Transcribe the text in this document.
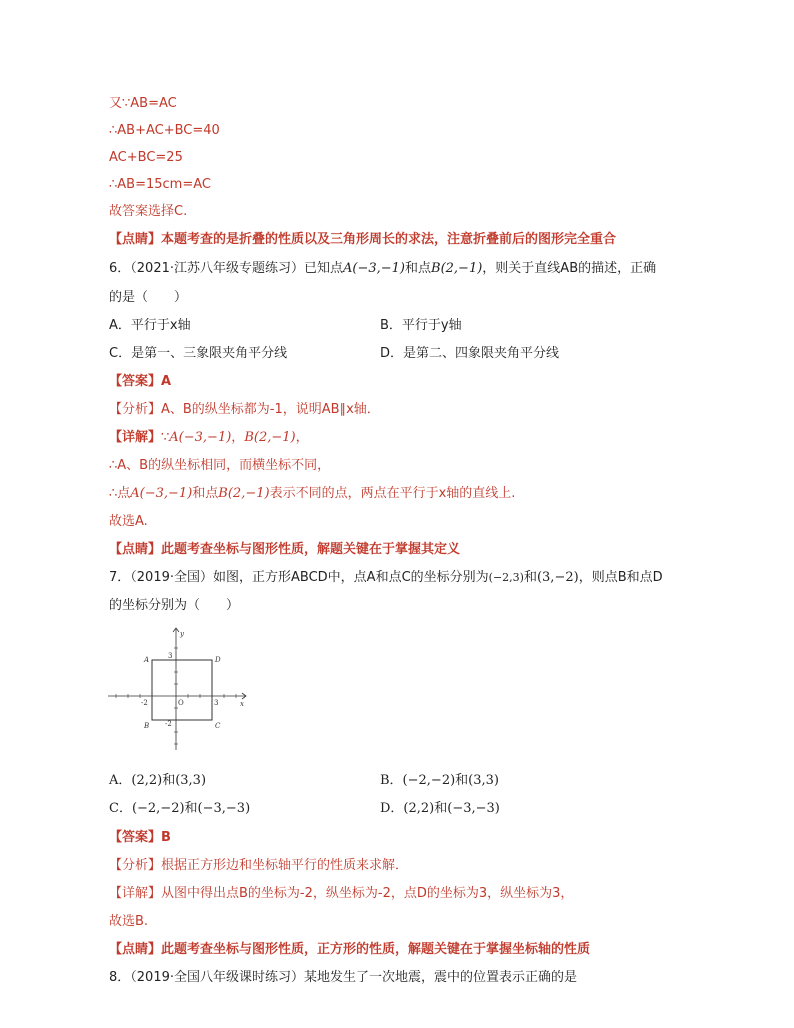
又∵AB=AC
∴AB+AC+BC=40
AC+BC=25
∴AB=15cm=AC
故答案选择C.
【点睛】本题考查的是折叠的性质以及三角形周长的求法，注意折叠前后的图形完全重合
6．（2021·江苏八年级专题练习）已知点A(−3,−1)和点B(2,−1)，则关于直线AB的描述，正确
的是（　　）
A．平行于x轴	B．平行于y轴
C．是第一、三象限夹角平分线	D．是第二、四象限夹角平分线
【答案】A
【分析】A、B的纵坐标都为-1，说明AB∥x轴．
【详解】∵A(−3,−1)，B(2,−1)，
∴A、B的纵坐标相同，而横坐标不同，
∴点A(−3,−1)和点B(2,−1)表示不同的点，两点在平行于x轴的直线上.
故选A.
【点睛】此题考查坐标与图形性质，解题关键在于掌握其定义
7．（2019·全国）如图，正方形ABCD中，点A和点C的坐标分别为(−2,3)和(3,−2)，则点B和点D
的坐标分别为（　　）
y
x
A	D
B	C
3
-2
-2	3
O
A．(2,2)和(3,3)	B．(−2,−2)和(3,3)
C．(−2,−2)和(−3,−3)	D．(2,2)和(−3,−3)
【答案】B
【分析】根据正方形边和坐标轴平行的性质来求解．
【详解】从图中得出点B的坐标为-2，纵坐标为-2，点D的坐标为3，纵坐标为3，
故选B.
【点睛】此题考查坐标与图形性质，正方形的性质，解题关键在于掌握坐标轴的性质
8．（2019·全国八年级课时练习）某地发生了一次地震，震中的位置表示正确的是
